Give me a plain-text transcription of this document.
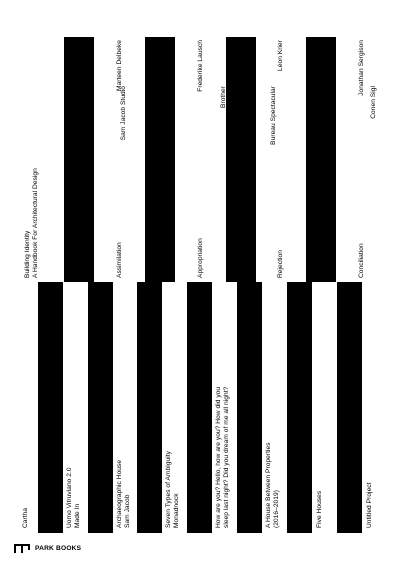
Building Identity A Handbook For Architectural Design	Assimilation	Appropriation	Rejection	Conciliation
Marteen Delbeke	Frederike Lausch	Léon Krier	Jonathan Sergison
Cartha	Uomo Vitruviano 2.0 Made In	Archaeographic House Sam Jacob	Seven Types of Ambiguity Monadnock	How are you? Hello, how are you? How did you sleep last night? Did you dream of me all night?	A House Between Properties (2016–2019)	Five Houses	Untitled Project
Made in	Sam Jacob Studio	Monadnock	Brother	Bureau Spectacular	Studio Muoto	Conen Sigl
PARK BOOKS
